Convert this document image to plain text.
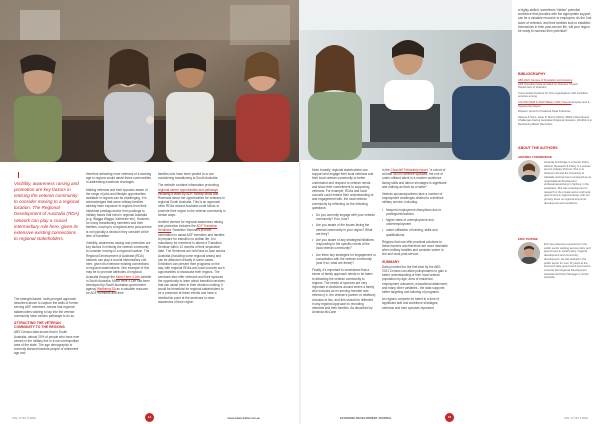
Visibility, awareness raising and promotion are key factors in enticing the veteran community to consider moving to a regional location. The Regional Development of Australia (RDA) network can play a crucial intermediary role here, given its extensive existing connections to regional stakeholders.

The strength-based, multi-pronged approach described above to capture the skills of former serving ADF members, means that regional stakeholders wishing to tap into the veteran community have various pathways to do so.

ATTRACTING THE VETERAN COMMUNITY TO THE REGIONS

ABS Census data shows that in South Australia, almost 20% of people who have ever served in the military live in a non-metropolitan area of the state. The age demographic is currently skewed towards people of retirement age and

therefore attracting more veterans of a working age to regions would assist these communities in addressing workforce shortages.

Making veterans and their spouses aware of the range of jobs and lifestyle opportunities available in regions can be challenging. It is acknowledged that some military families already have exposure to regions from their individual postings and/or from postings to military bases that exist in regional Australia (e.g. Wagga Wagga, Katherine etc). However, for many transitioning members and their families, moving to a regional area post-service is not typically a decision they consider at the time of transition.

Visibility, awareness raising and promotion are key factors in enticing the veteran community to consider moving to a regional location. The Regional Development of Australia (RDA) network can play a crucial intermediary role here, given its extensive existing connections to regional stakeholders. One example of this may be to promote attributes of regional Australia through the Move Here 4 Life website in South Australia. Move Here 4 Life has been developed by South Australian government agency Wellbeing SA as a valuable resource for ADF members and their

families who have been posted to or are considering transitioning to South Australia.

The website contains information promoting regional career opportunities and pathways including a video by ADF, Murray lands and Riverland about the opportunities for veterans in regional South Australia. This is an approach other RDAs around Australia could follow, to promote their region to the veteran community in similar ways.

Another avenue for regional awareness raising and promotion includes the ADF Transition Seminars Transition Seminars provide information to assist ADF members and families to prepare for transition to civilian life. It is mandatory for members to attend a Transition Seminar within 12 months of their separation date. The Seminars are held face-to-face across Australia (including some regional areas) and can be attended virtually in some cases. Exhibitors can present their programs on the day, with regional RDAs and local councils such opportunities to showcase their regions. The seminars also offer veterans and their spouses the opportunity to learn about transition services that can assist them in their decision making. It would be beneficial for regional stakeholders to be a presence at these events and have a distribution point at the seminars to raise awareness of their region.

VOL 17 NO 3 2024	14	www.edaustralia.com.au

More broadly, regional stakeholders can support and engage their local veterans and their local veteran community to better understand and respond to veteran needs and show their commitment to supporting veterans. For example, RDAs and local councils could extend their understanding of, and engagement with, the local veteran community by reflecting on the following questions:

• Do you currently engage with your veteran community? If so, how?
• Are you aware of the issues facing the veteran community in your region? What are they?
• Are you aware of any strategies/initiatives responding to the specific needs of the local veteran community?
• Are there any strategies for engagement or consultation with the veteran community (and if so, what are these)?

Finally, it's important to understand that a sense of family approach needs to be taken to attracting the veteran community to regions. The needs of spouses are very important in decisions around where a family who includes an ex-serving member and veteran (i.e. the veteran's partner or relatives) chooses to live, and this should be reflected in any regional approach to recruiting veterans and their families. As described by Amanda McCann

in the Churchill Fellowship report, "a cohort of at least 48,000 defence spouses, the role of under-utilised talent in a modern workforce facing skills and labour shortages is significant and nothing as thick as a native"

Veteran spouses/partners face a number of employment challenges related to a defence military service, including:

• frequent employment disruptions due to postings/relocations
• higher rates of unemployment and underemployment
• under-utilisation of training, skills and qualifications.

Regions that can offer practical solutions to these barriers and therefore are more desirable when military families and consider where to live and work post-service.

SUMMARY

Data provided for the first time by the ABS 2021 Census can allow policymakers to gain a better understanding of their local veteran population by age, area of residence, employment outcomes, educational attainment, and many other variables - the data supports better targeting and tailoring of programs.

As regions compete for talent in a time of significant skill and workforce shortages, veterans and their spouses represent

a highly-skilled, sometimes 'hidden' potential workforce that provides with the appropriate support, can be a valuable resource to employers. As the 'lost wave of veterans' and their families look to establish themselves in their post-service life, will your region be ready to harness their potential?

BIBLIOGRAPHY
ABS 2021 Census of Population and Housing
ADF Transition Data provided by Veterans SA and Department of Veterans
Communities Network for how organisations with transition services among
Churchill 2018 & 2023 Military (ADF) Spouse Employment & Opportunity Report
Western Council of National Peak Industries
Various & Sons. Sean P. Moore (2021). Military Recruitment Challenges Facing Australian Regional Veterans, Workforce is Developing Better Recruiters
ABOUT THE AUTHORS
AMANDA TURNBRIDGE
Amanda Turnbridge is a Senior Policy Adviser, Research & Policy is a veteran and an Industry Partner. She is at Veterans SA and the University of Adelaide and has been employed as an organisational development professional working in Sydney, in the workplace. She has a background in research in the private sector and local government in regional areas, with her primary focus on regional economic development and workforce.
ERIC PAIPINE
Eric has extensive experience in the public sector working across policy and government in social policy, regional development and community development. He has worked in the public sector for over 15 years at the local and state government level and is currently the Regional Development Australia SA Policy Manager in South Australia.
ECONOMIC DEVELOPMENT JOURNAL	15	VOL 17 NO 3 2024
